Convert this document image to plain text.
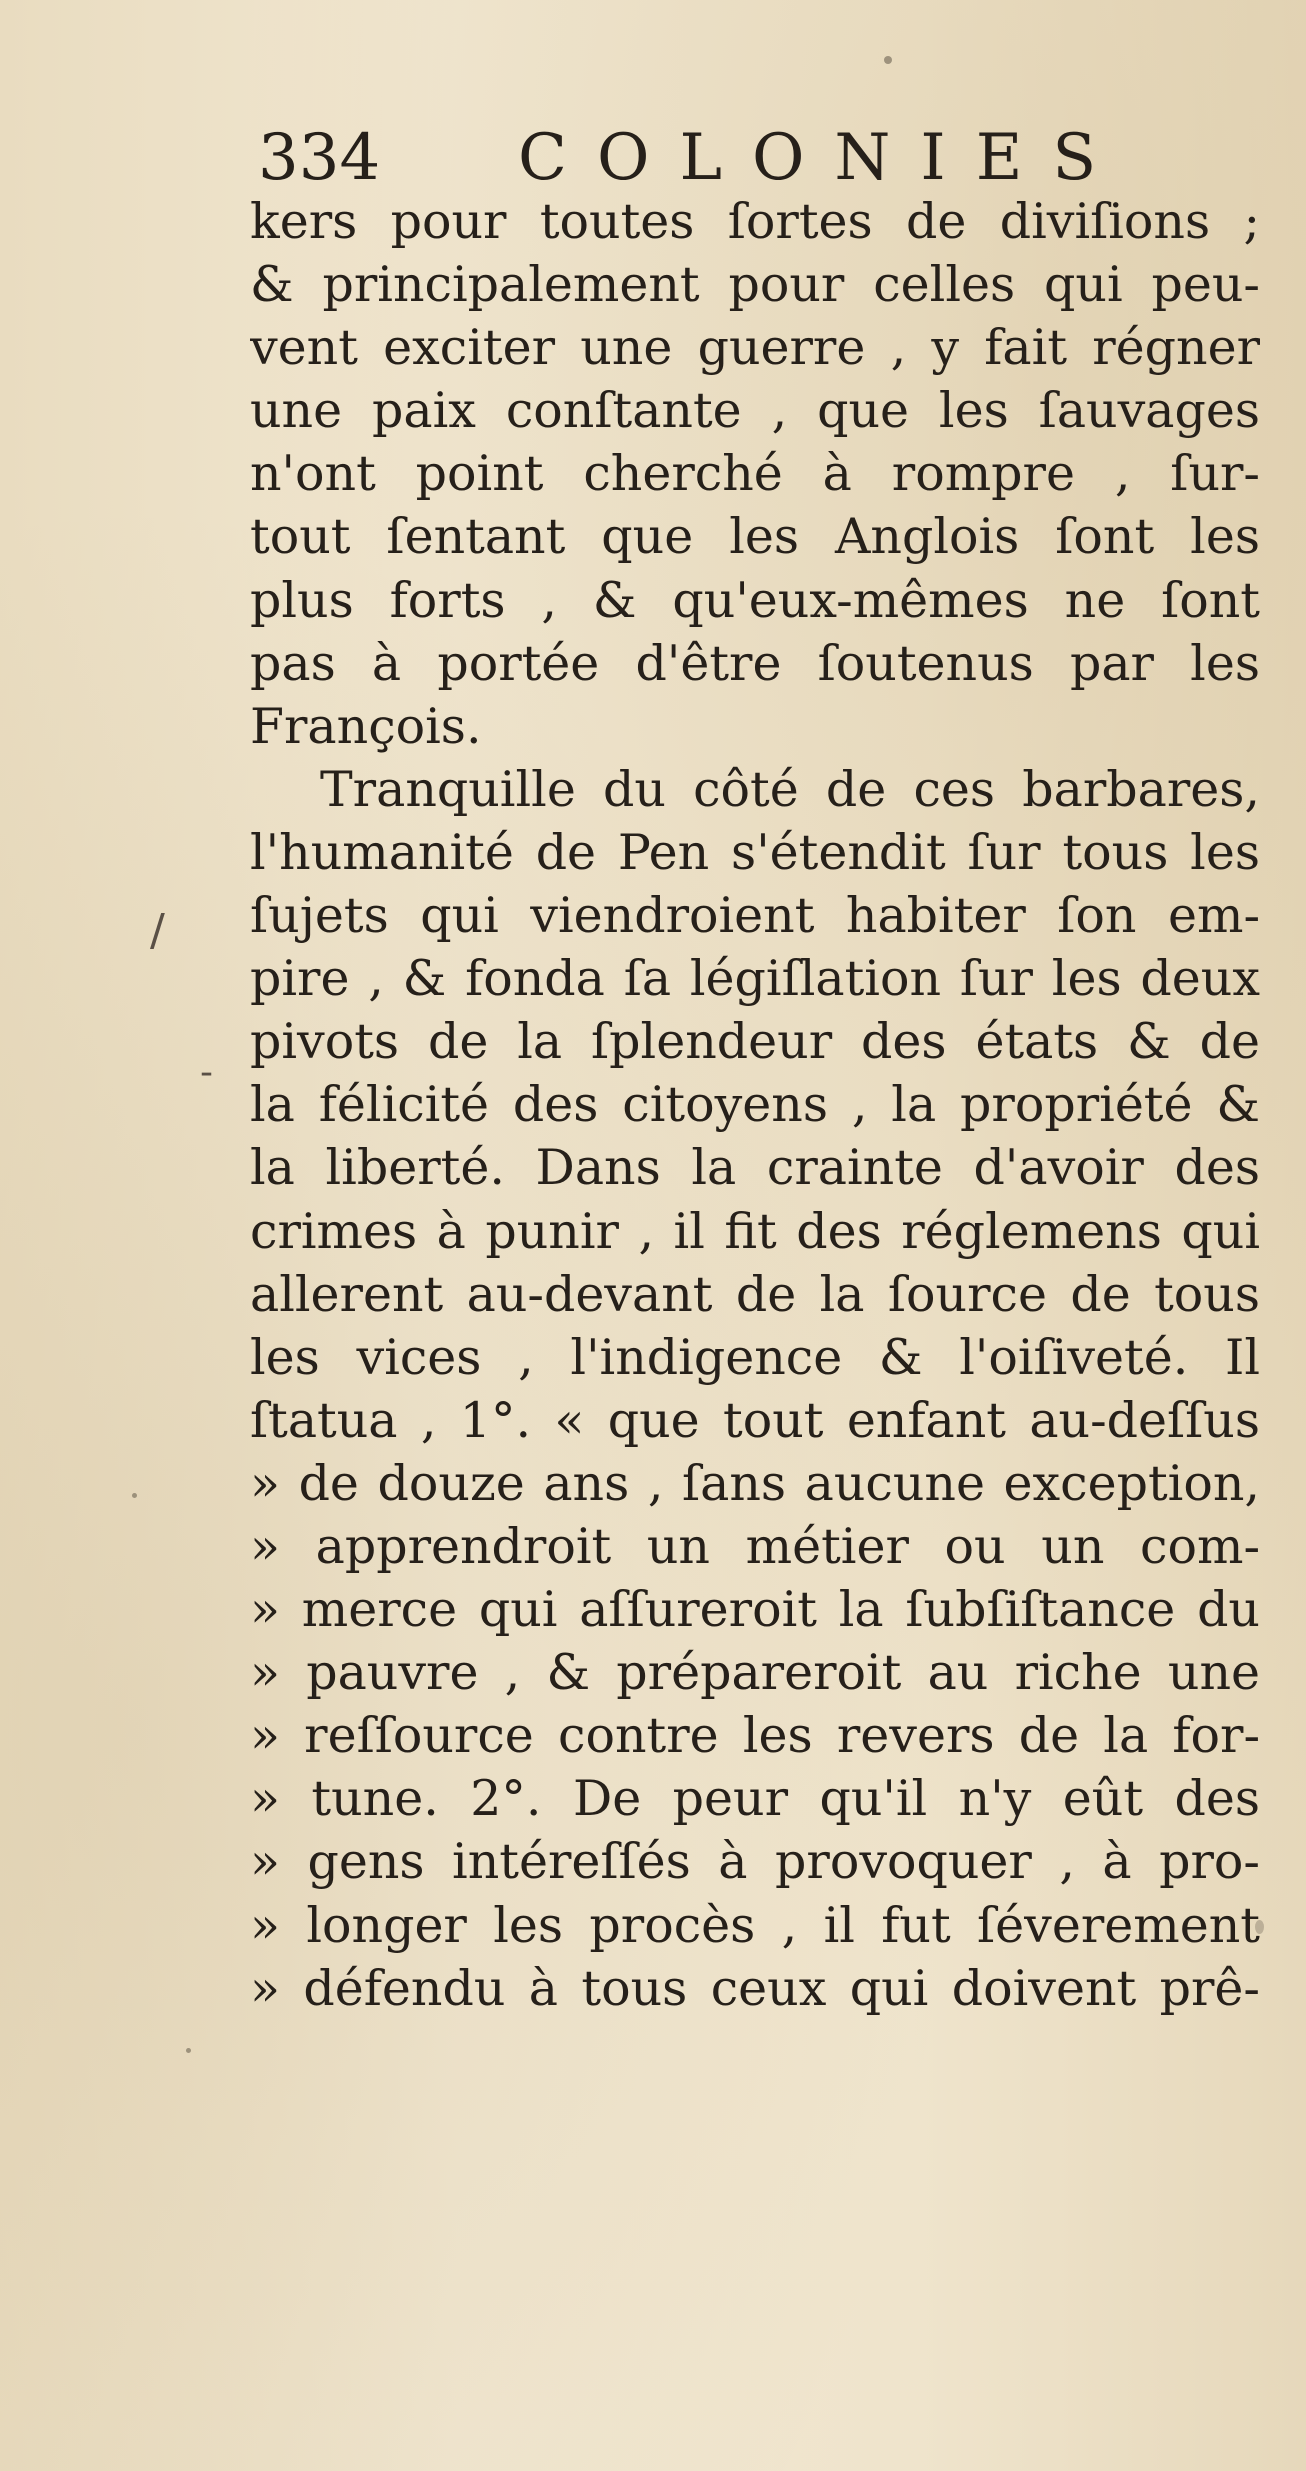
/
-
334 COLONIES
kers pour toutes ſortes de diviſions ;
& principalement pour celles qui peu-
vent exciter une guerre , y fait régner
une paix conſtante , que les ſauvages
n'ont point cherché à rompre , ſur-
tout ſentant que les Anglois ſont les
plus forts , & qu'eux-mêmes ne ſont
pas à portée d'être ſoutenus par les
François.
Tranquille du côté de ces barbares,
l'humanité de Pen s'étendit ſur tous les
ſujets qui viendroient habiter ſon em-
pire , & fonda ſa légiſlation ſur les deux
pivots de la ſplendeur des états & de
la félicité des citoyens , la propriété &
la liberté. Dans la crainte d'avoir des
crimes à punir , il fit des réglemens qui
allerent au-devant de la ſource de tous
les vices , l'indigence & l'oiſiveté. Il
ſtatua , 1°. « que tout enfant au-deſſus
» de douze ans , ſans aucune exception,
» apprendroit un métier ou un com-
» merce qui aſſureroit la ſubſiſtance du
» pauvre , & prépareroit au riche une
» reſſource contre les revers de la for-
» tune. 2°. De peur qu'il n'y eût des
» gens intéreſſés à provoquer , à pro-
» longer les procès , il fut ſéverement
» défendu à tous ceux qui doivent prê-
